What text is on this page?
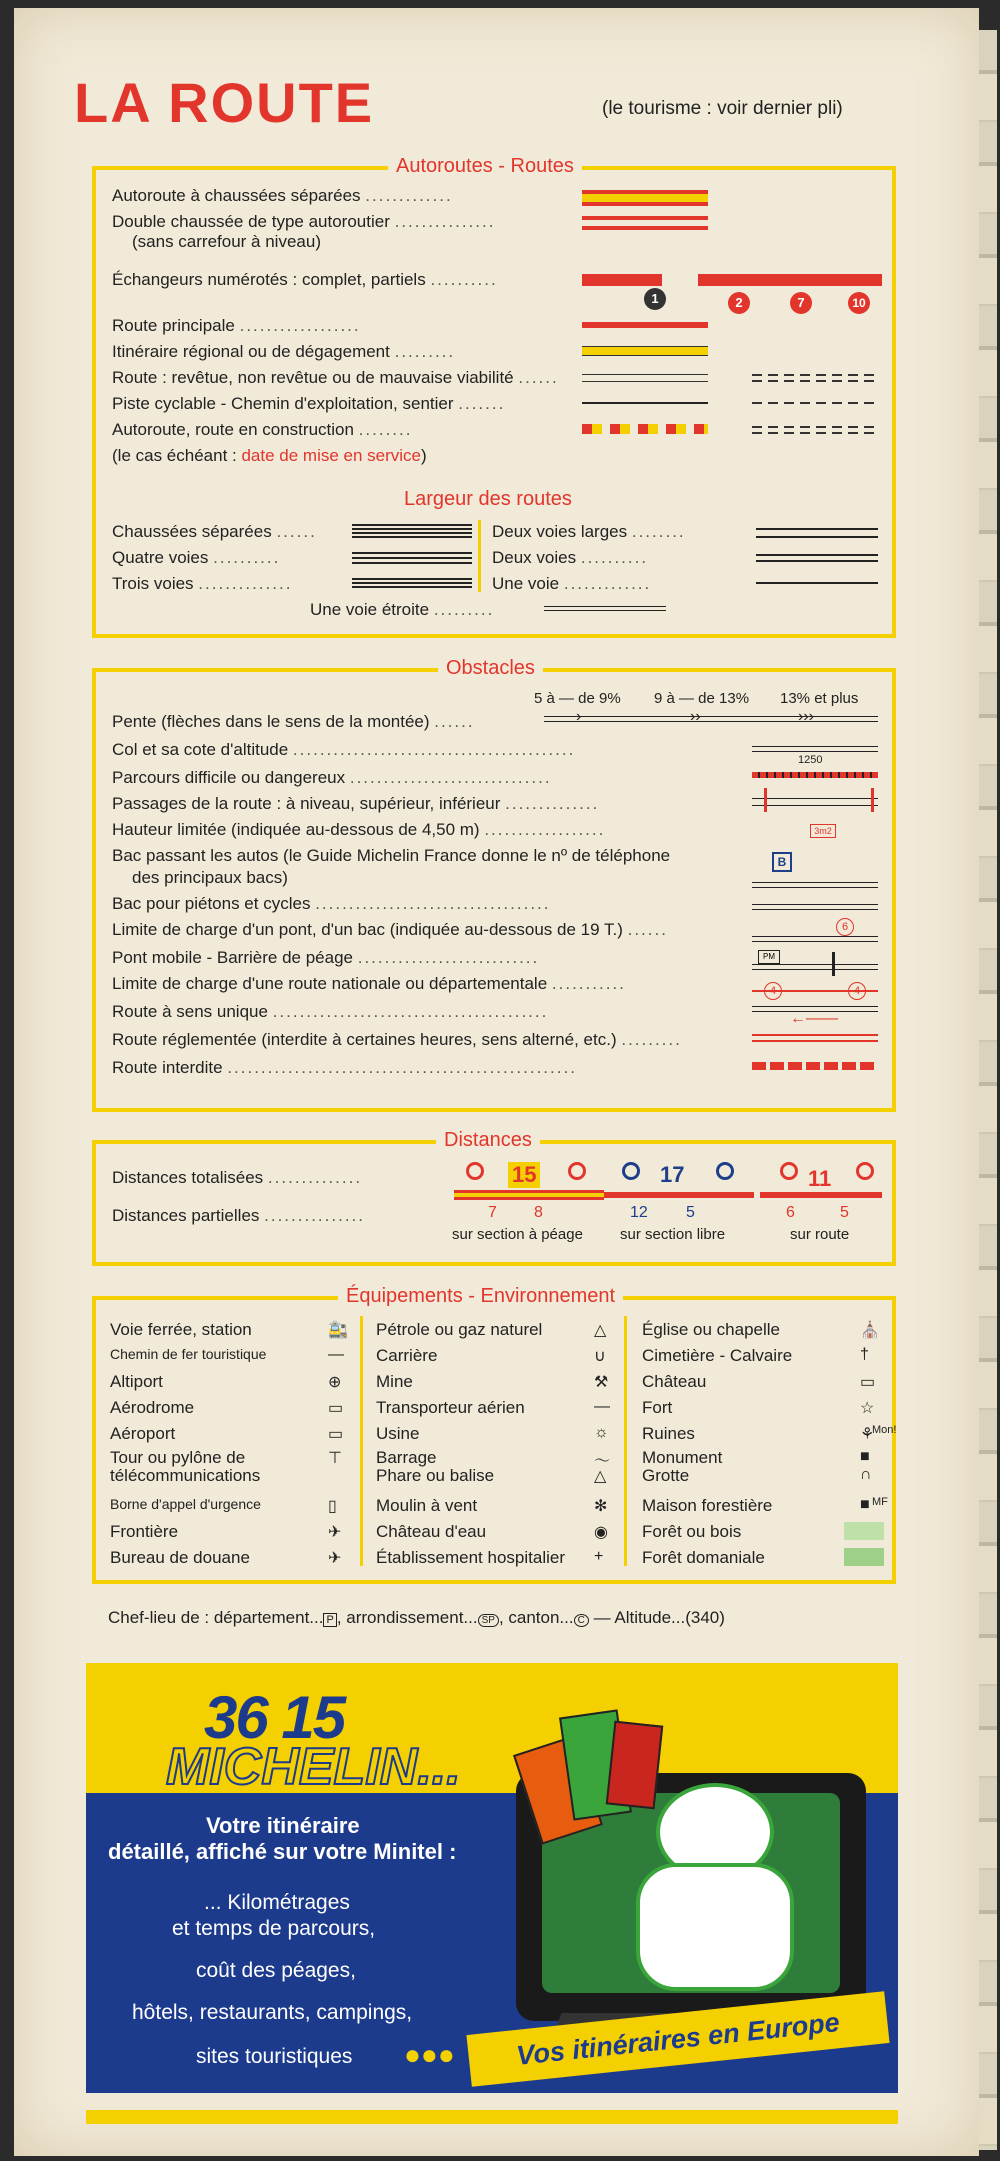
LA ROUTE	(le tourisme : voir dernier pli)
Autoroutes - Routes
Autoroute à chaussées séparées .............
Double chaussée de type autoroutier ...............
(sans carrefour à niveau)
Échangeurs numérotés : complet, partiels ..........
1	2	7	10
Route principale ..................
Itinéraire régional ou de dégagement .........
Route : revêtue, non revêtue ou de mauvaise viabilité ......
Piste cyclable - Chemin d'exploitation, sentier .......
Autoroute, route en construction ........
(le cas échéant : date de mise en service)
Largeur des routes
Chaussées séparées ......
Quatre voies ..........
Trois voies ..............
Deux voies larges ........
Deux voies ..........
Une voie .............
Une voie étroite .........
Obstacles
5 à — de 9% 9 à — de 13% 13% et plus
›	››	›››
Pente (flèches dans le sens de la montée) ......
Col et sa cote d'altitude ..........................................
1250
Parcours difficile ou dangereux ..............................
Passages de la route : à niveau, supérieur, inférieur ..............
Hauteur limitée (indiquée au-dessous de 4,50 m) ..................	3m2
Bac passant les autos (le Guide Michelin France donne le nº de téléphone
des principaux bacs)
B
Bac pour piétons et cycles ...................................
Limite de charge d'un pont, d'un bac (indiquée au-dessous de 19 T.) ......	6
Pont mobile - Barrière de péage ...........................	PM
Limite de charge d'une route nationale ou départementale ...........
Route à sens unique .........................................	←——
Route réglementée (interdite à certaines heures, sens alterné, etc.) .........
Route interdite ....................................................
Distances
Distances totalisées ..............
Distances partielles ...............
15
7 8
sur section à péage
17
12 5
sur section libre
11
6	5
sur route
Équipements - Environnement
Voie ferrée, station	🚉
Chemin de fer touristique	—
Altiport	⊕
Aérodrome	▭
Aéroport	▭
Tour ou pylône de	⊤
télécommunications
Borne d'appel d'urgence	▯
Frontière	✈
Bureau de douane	✈
Pétrole ou gaz naturel	△
Carrière	∪
Mine	⚒
Transporteur aérien	—
Usine	☼
Barrage	〜
Phare ou balise	△
Moulin à vent	✻
Château d'eau	◉
Établissement hospitalier +
Église ou chapelle	⛪
Cimetière - Calvaire	†
Château	▭
Fort	☆
Ruines	⚘
Monument	■
Grotte	∩
Maison forestière	■
Forêt ou bois
Forêt domaniale
Mon!
MF
Chef-lieu de : département... P , arrondissement... SP , canton... C — Altitude...(340)
36 15
MICHELIN...
Votre itinéraire
détaillé, affiché sur votre Minitel :
... Kilométrages
et temps de parcours,
coût des péages,
hôtels, restaurants, campings,
sites touristiques ●●●	Vos itinéraires en Europe
